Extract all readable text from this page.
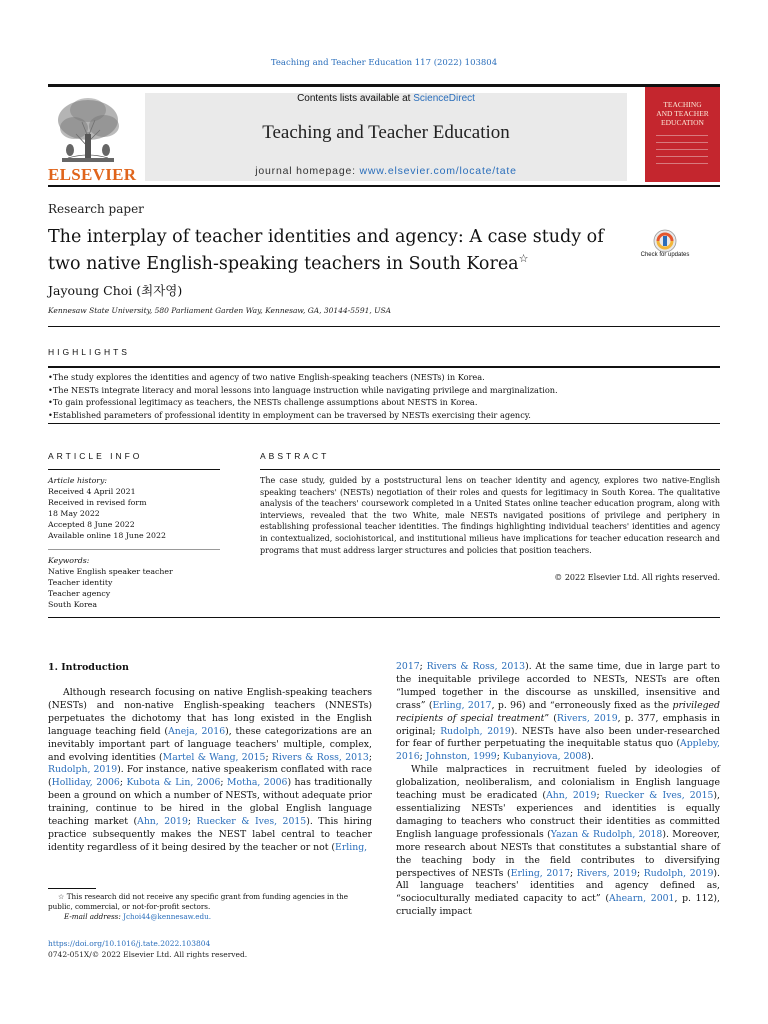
Teaching and Teacher Education 117 (2022) 103804
ELSEVIER
Contents lists available at ScienceDirect
Teaching and Teacher Education
journal homepage: www.elsevier.com/locate/tate
TEACHING
AND TEACHER
EDUCATION
Research paper
The interplay of teacher identities and agency: A case study of two native English-speaking teachers in South Korea☆	Check for updates
Jayoung Choi (최자영)
Kennesaw State University, 580 Parliament Garden Way, Kennesaw, GA, 30144-5591, USA
HIGHLIGHTS
• The study explores the identities and agency of two native English-speaking teachers (NESTs) in Korea.
• The NESTs integrate literacy and moral lessons into language instruction while navigating privilege and marginalization.
• To gain professional legitimacy as teachers, the NESTs challenge assumptions about NESTS in Korea.
• Established parameters of professional identity in employment can be traversed by NESTs exercising their agency.
ARTICLE INFO
Article history:
Received 4 April 2021
Received in revised form
18 May 2022
Accepted 8 June 2022
Available online 18 June 2022
Keywords:
Native English speaker teacher
Teacher identity
Teacher agency
South Korea
ABSTRACT
The case study, guided by a poststructural lens on teacher identity and agency, explores two native-English speaking teachers' (NESTs) negotiation of their roles and quests for legitimacy in South Korea. The qualitative analysis of the teachers' coursework completed in a United States online teacher education program, along with interviews, revealed that the two White, male NESTs navigated positions of privilege and periphery in establishing professional teacher identities. The findings highlighting individual teachers' identities and agency in contextualized, sociohistorical, and institutional milieus have implications for teacher education research and programs that must address larger structures and policies that position teachers.
© 2022 Elsevier Ltd. All rights reserved.
1. Introduction

Although research focusing on native English-speaking teachers (NESTs) and non-native English-speaking teachers (NNESTs) perpetuates the dichotomy that has long existed in the English language teaching field (Aneja, 2016), these categorizations are an inevitably important part of language teachers' multiple, complex, and evolving identities (Martel & Wang, 2015; Rivers & Ross, 2013; Rudolph, 2019). For instance, native speakerism conflated with race (Holliday, 2006; Kubota & Lin, 2006; Motha, 2006) has traditionally been a ground on which a number of NESTs, without adequate prior training, continue to be hired in the global English language teaching market (Ahn, 2019; Ruecker & Ives, 2015). This hiring practice subsequently makes the NEST label central to teacher identity regardless of it being desired by the teacher or not (Erling,

2017; Rivers & Ross, 2013). At the same time, due in large part to the inequitable privilege accorded to NESTs, NESTs are often “lumped together in the discourse as unskilled, insensitive and crass” (Erling, 2017, p. 96) and “erroneously fixed as the privileged recipients of special treatment” (Rivers, 2019, p. 377, emphasis in original; Rudolph, 2019). NESTs have also been under-researched for fear of further perpetuating the inequitable status quo (Appleby, 2016; Johnston, 1999; Kubanyiova, 2008).

While malpractices in recruitment fueled by ideologies of globalization, neoliberalism, and colonialism in English language teaching must be eradicated (Ahn, 2019; Ruecker & Ives, 2015), essentializing NESTs' experiences and identities is equally damaging to teachers who construct their identities as committed English language professionals (Yazan & Rudolph, 2018). Moreover, more research about NESTs that constitutes a substantial share of the teaching body in the field contributes to diversifying perspectives of NESTs (Erling, 2017; Rivers, 2019; Rudolph, 2019). All language teachers' identities and agency defined as, “socioculturally mediated capacity to act” (Ahearn, 2001, p. 112), crucially impact

☆ This research did not receive any specific grant from funding agencies in the public, commercial, or not-for-profit sectors.
E-mail address: Jchoi44@kennesaw.edu.
https://doi.org/10.1016/j.tate.2022.103804
0742-051X/© 2022 Elsevier Ltd. All rights reserved.
